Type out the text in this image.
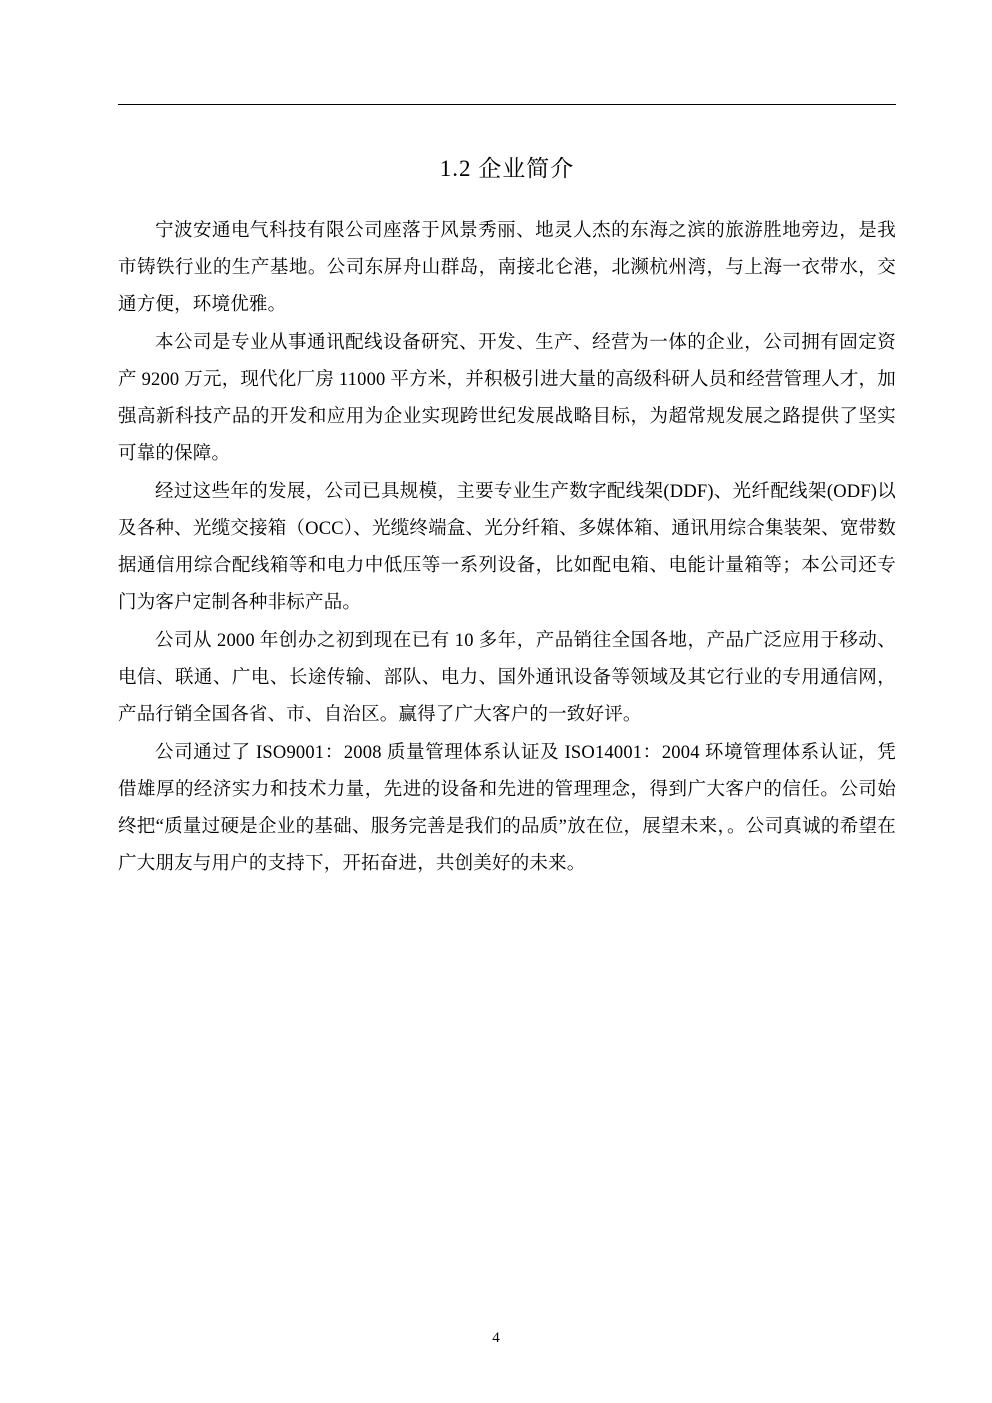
1.2 企业简介

宁波安通电气科技有限公司座落于风景秀丽、地灵人杰的东海之滨的旅游胜地旁边，是我市铸铁行业的生产基地。公司东屏舟山群岛，南接北仑港，北濒杭州湾，与上海一衣带水，交通方便，环境优雅。

本公司是专业从事通讯配线设备研究、开发、生产、经营为一体的企业，公司拥有固定资产 9200 万元，现代化厂房 11000 平方米，并积极引进大量的高级科研人员和经营管理人才，加强高新科技产品的开发和应用为企业实现跨世纪发展战略目标，为超常规发展之路提供了坚实可靠的保障。

经过这些年的发展，公司已具规模，主要专业生产数字配线架(DDF)、光纤配线架(ODF)以及各种、光缆交接箱（OCC）、光缆终端盒、光分纤箱、多媒体箱、通讯用综合集装架、宽带数据通信用综合配线箱等和电力中低压等一系列设备，比如配电箱、电能计量箱等；本公司还专门为客户定制各种非标产品。

公司从 2000 年创办之初到现在已有 10 多年，产品销往全国各地，产品广泛应用于移动、电信、联通、广电、长途传输、部队、电力、国外通讯设备等领域及其它行业的专用通信网，产品行销全国各省、市、自治区。赢得了广大客户的一致好评。

公司通过了 ISO9001：2008 质量管理体系认证及 ISO14001：2004 环境管理体系认证，凭借雄厚的经济实力和技术力量，先进的设备和先进的管理理念，得到广大客户的信任。公司始终把“质量过硬是企业的基础、服务完善是我们的品质”放在位，展望未来，。公司真诚的希望在广大朋友与用户的支持下，开拓奋进，共创美好的未来。

4
